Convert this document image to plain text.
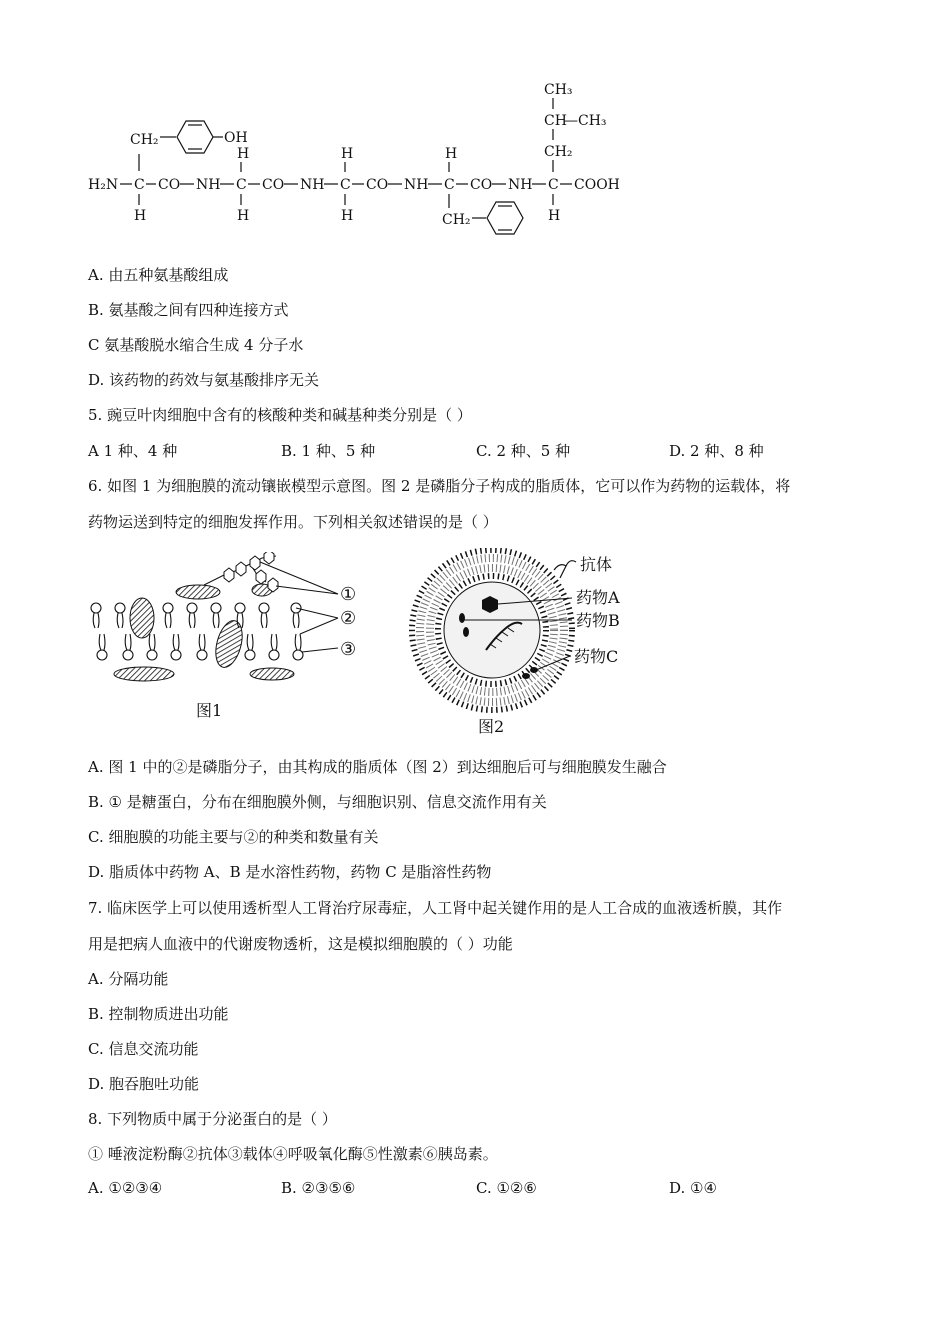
H₂N C CO NH C CO NH C CO NH C CO NH C COOH
CH₂	OH
H
H
H
H
H
H
CH₂
CH₃
CH
—CH₃
CH₂
H
A. 由五种氨基酸组成
B. 氨基酸之间有四种连接方式
C 氨基酸脱水缩合生成 4 分子水
D. 该药物的药效与氨基酸排序无关
5. 豌豆叶肉细胞中含有的核酸种类和碱基种类分别是（ ）
A 1 种、4 种	B. 1 种、5 种	C. 2 种、5 种	D. 2 种、8 种
6. 如图 1 为细胞膜的流动镶嵌模型示意图。图 2 是磷脂分子构成的脂质体，它可以作为药物的运载体，将
药物运送到特定的细胞发挥作用。下列相关叙述错误的是（ ）
①
②
③
图1
抗体
药物A
药物B
药物C
图2
A. 图 1 中的②是磷脂分子，由其构成的脂质体（图 2）到达细胞后可与细胞膜发生融合
B. ① 是糖蛋白，分布在细胞膜外侧，与细胞识别、信息交流作用有关
C. 细胞膜的功能主要与②的种类和数量有关
D. 脂质体中药物 A、B 是水溶性药物，药物 C 是脂溶性药物
7. 临床医学上可以使用透析型人工肾治疗尿毒症，人工肾中起关键作用的是人工合成的血液透析膜，其作
用是把病人血液中的代谢废物透析，这是模拟细胞膜的（ ）功能
A. 分隔功能
B. 控制物质进出功能
C. 信息交流功能
D. 胞吞胞吐功能
8. 下列物质中属于分泌蛋白的是（ ）
① 唾液淀粉酶②抗体③载体④呼吸氧化酶⑤性激素⑥胰岛素。
A. ①②③④	B. ②③⑤⑥	C. ①②⑥	D. ①④
